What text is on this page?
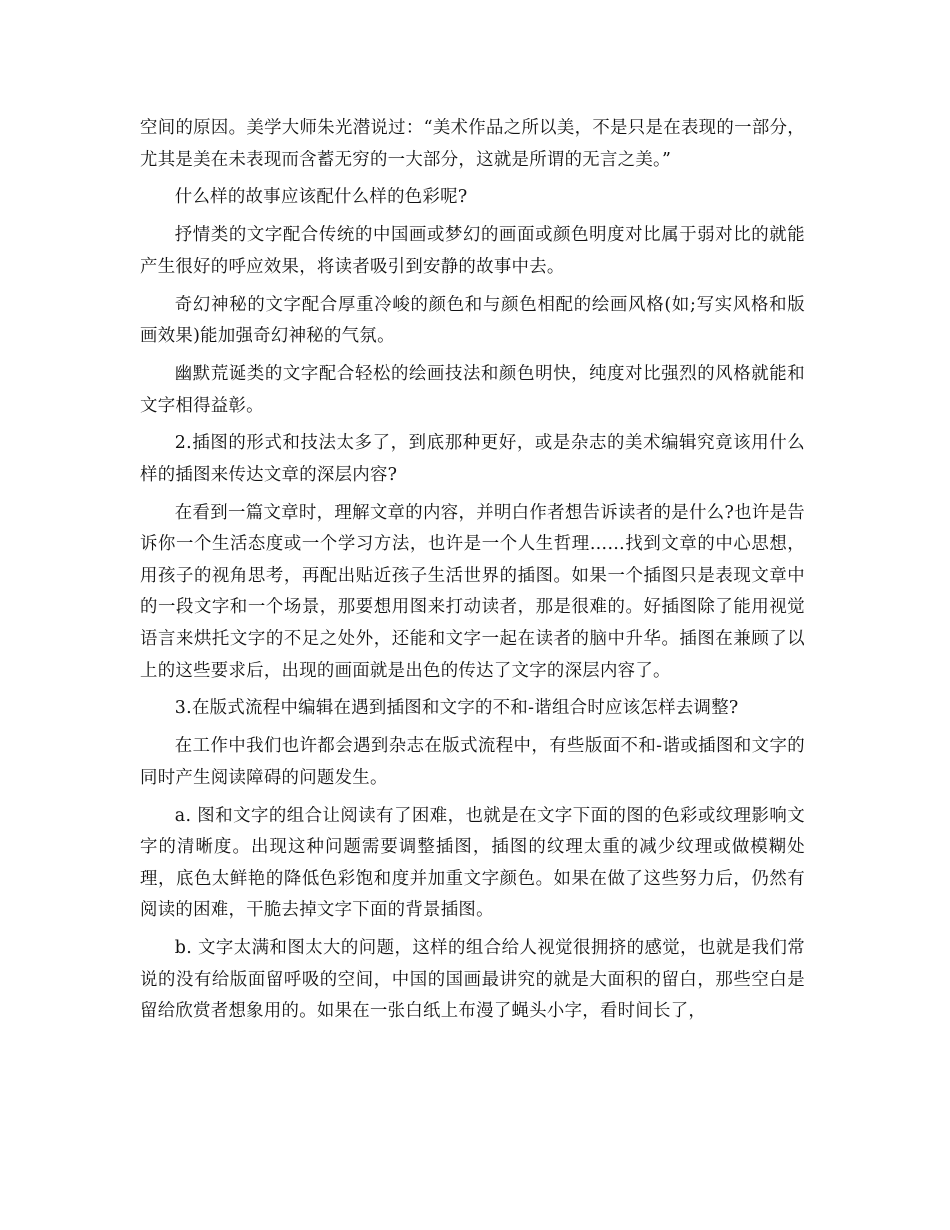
空间的原因。美学大师朱光潜说过：“美术作品之所以美，不是只是在表现的一部分，尤其是美在未表现而含蓄无穷的一大部分，这就是所谓的无言之美。”

什么样的故事应该配什么样的色彩呢?

抒情类的文字配合传统的中国画或梦幻的画面或颜色明度对比属于弱对比的就能产生很好的呼应效果，将读者吸引到安静的故事中去。

奇幻神秘的文字配合厚重冷峻的颜色和与颜色相配的绘画风格(如;写实风格和版画效果)能加强奇幻神秘的气氛。

幽默荒诞类的文字配合轻松的绘画技法和颜色明快，纯度对比强烈的风格就能和文字相得益彰。

2.插图的形式和技法太多了，到底那种更好，或是杂志的美术编辑究竟该用什么样的插图来传达文章的深层内容?

在看到一篇文章时，理解文章的内容，并明白作者想告诉读者的是什么?也许是告诉你一个生活态度或一个学习方法，也许是一个人生哲理……找到文章的中心思想，用孩子的视角思考，再配出贴近孩子生活世界的插图。如果一个插图只是表现文章中的一段文字和一个场景，那要想用图来打动读者，那是很难的。好插图除了能用视觉语言来烘托文字的不足之处外，还能和文字一起在读者的脑中升华。插图在兼顾了以上的这些要求后，出现的画面就是出色的传达了文字的深层内容了。

3.在版式流程中编辑在遇到插图和文字的不和-谐组合时应该怎样去调整?

在工作中我们也许都会遇到杂志在版式流程中，有些版面不和-谐或插图和文字的同时产生阅读障碍的问题发生。

a. 图和文字的组合让阅读有了困难，也就是在文字下面的图的色彩或纹理影响文字的清晰度。出现这种问题需要调整插图，插图的纹理太重的减少纹理或做模糊处理，底色太鲜艳的降低色彩饱和度并加重文字颜色。如果在做了这些努力后，仍然有阅读的困难，干脆去掉文字下面的背景插图。

b. 文字太满和图太大的问题，这样的组合给人视觉很拥挤的感觉，也就是我们常说的没有给版面留呼吸的空间，中国的国画最讲究的就是大面积的留白，那些空白是留给欣赏者想象用的。如果在一张白纸上布漫了蝇头小字，看时间长了，
